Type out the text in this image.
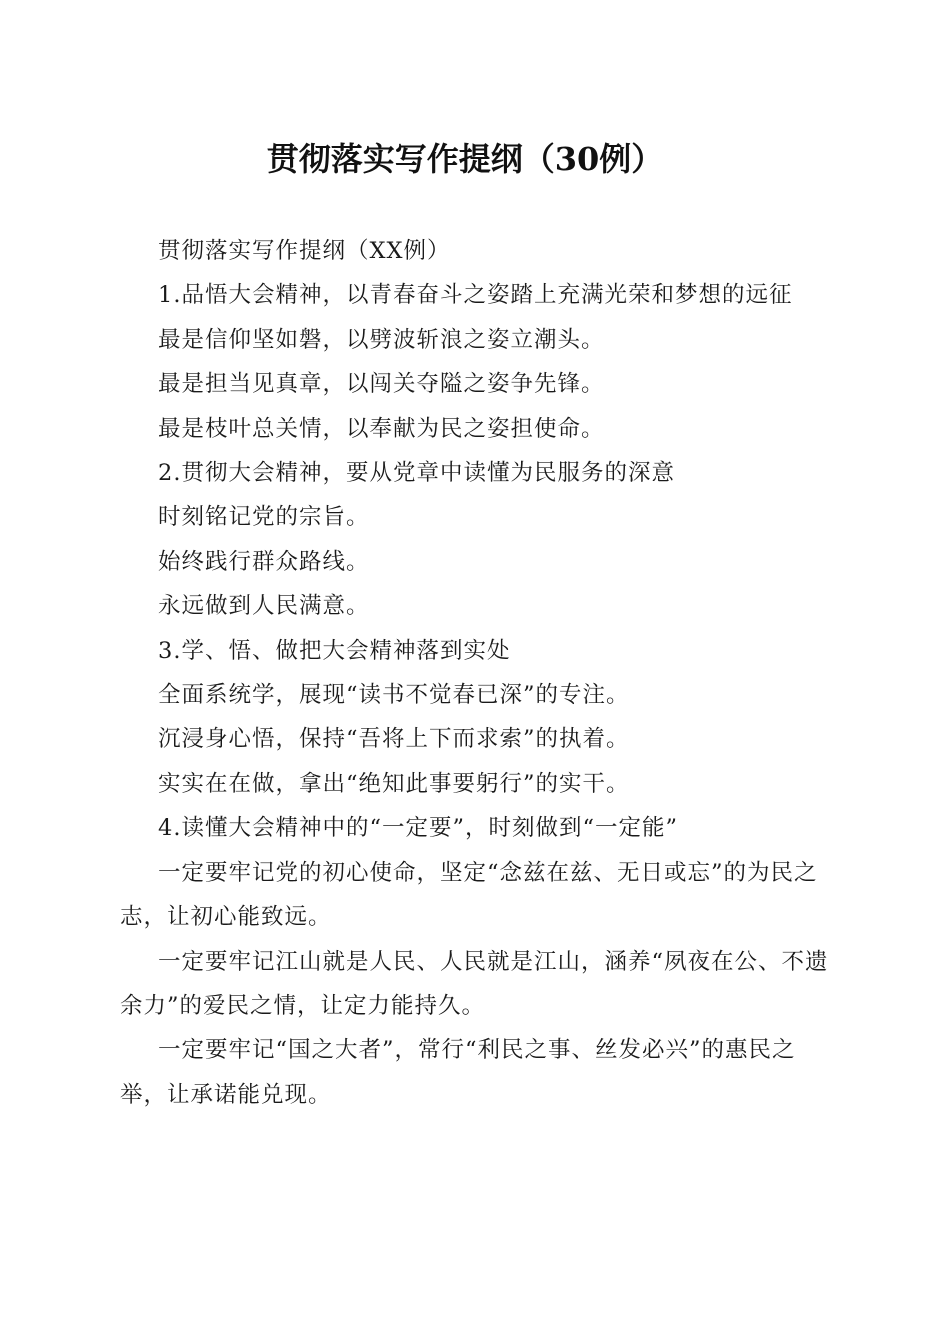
贯彻落实写作提纲（30例）

贯彻落实写作提纲（XX例）

1.品悟大会精神，以青春奋斗之姿踏上充满光荣和梦想的远征

最是信仰坚如磐，以劈波斩浪之姿立潮头。

最是担当见真章，以闯关夺隘之姿争先锋。

最是枝叶总关情，以奉献为民之姿担使命。

2.贯彻大会精神，要从党章中读懂为民服务的深意

时刻铭记党的宗旨。

始终践行群众路线。

永远做到人民满意。

3.学、悟、做把大会精神落到实处

全面系统学，展现“读书不觉春已深”的专注。

沉浸身心悟，保持“吾将上下而求索”的执着。

实实在在做，拿出“绝知此事要躬行”的实干。

4.读懂大会精神中的“一定要”，时刻做到“一定能”

一定要牢记党的初心使命，坚定“念兹在兹、无日或忘”的为民之志，让初心能致远。

一定要牢记江山就是人民、人民就是江山，涵养“夙夜在公、不遗余力”的爱民之情，让定力能持久。

一定要牢记“国之大者”，常行“利民之事、丝发必兴”的惠民之举，让承诺能兑现。
